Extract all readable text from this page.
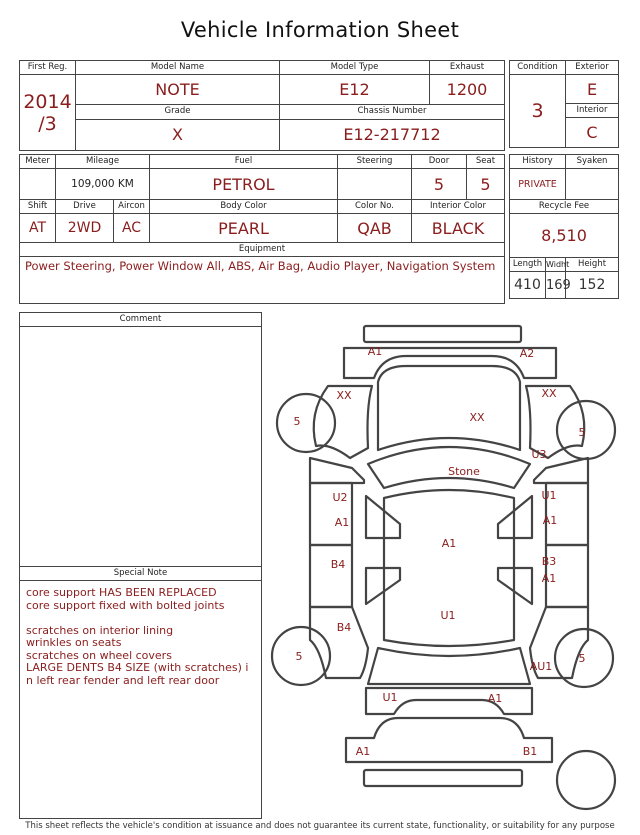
Vehicle Information Sheet
First Reg.	Model Name	Model Type	Exhaust

2014
/3	NOTE	E12	1200
	Grade	Chassis Number	
	X	E12-217712	
Condition	Exterior
3	E
	Interior
	C
Meter	Mileage		Fuel	Steering	Door	Seat
	109,000 KM		PETROL		5	5
Shift	Drive	Aircon	Body Color	Color No.	Interior Color	
AT	2WD	AC	PEARL	QAB	BLACK	
Equipment						
Power Steering, Power Window All, ABS, Air Bag, Audio Player, Navigation System						
History		Syaken
PRIVATE		
Recycle Fee		
8,510		
Length	Widht	Height
410	169	152
Comment
Special Note

core support HAS BEEN REPLACED

core support fixed with bolted joints

scratches on interior lining

wrinkles on seats

scratches on wheel covers

LARGE DENTS B4 SIZE (with scratches) i

n left rear fender and left rear door

A1	A2
XX	XX
XX
Stone
U3
U2
A1
U1
A1
A1
B4	B3
A1
U1
B4
AU1
U1	A1
A1	B1
5
5
5	5
This sheet reflects the vehicle's condition at issuance and does not guarantee its current state, functionality, or suitability for any purpose
